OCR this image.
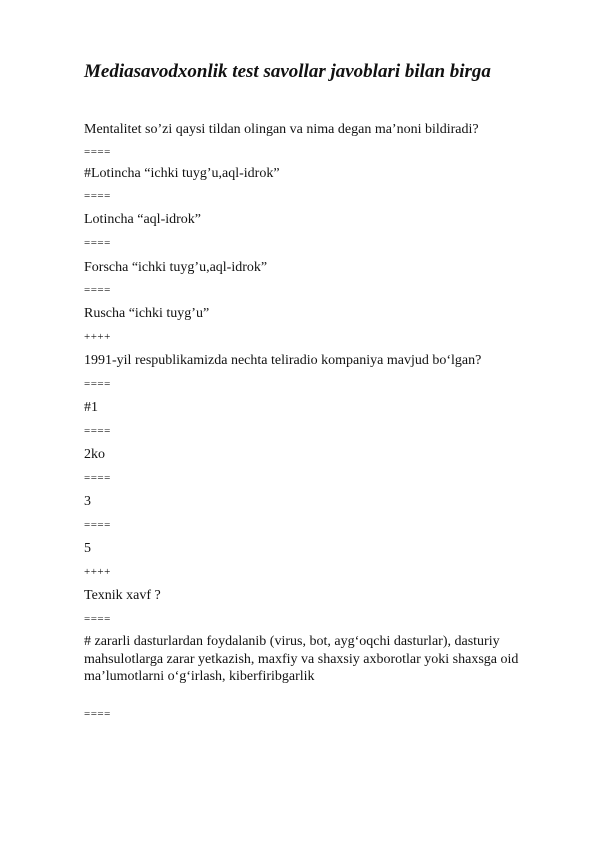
Mediasavodxonlik test savollar javoblari bilan birga
Mentalitet so’zi qaysi tildan olingan va nima degan ma’noni bildiradi?
====
#Lotincha “ichki tuyg’u,aql-idrok”
====
Lotincha “aql-idrok”
====
Forscha “ichki tuyg’u,aql-idrok”
====
Ruscha “ichki tuyg’u”
++++
1991-yil respublikamizda nechta teliradio kompaniya mavjud bo‘lgan?
====
#1
====
2ko
====
3
====
5
++++
Texnik xavf ?
====
# zararli dasturlardan foydalanib (virus, bot, ayg‘oqchi dasturlar), dasturiy mahsulotlarga zarar yetkazish, maxfiy va shaxsiy axborotlar yoki shaxsga oid ma’lumotlarni o‘g‘irlash, kiberfiribgarlik
====
